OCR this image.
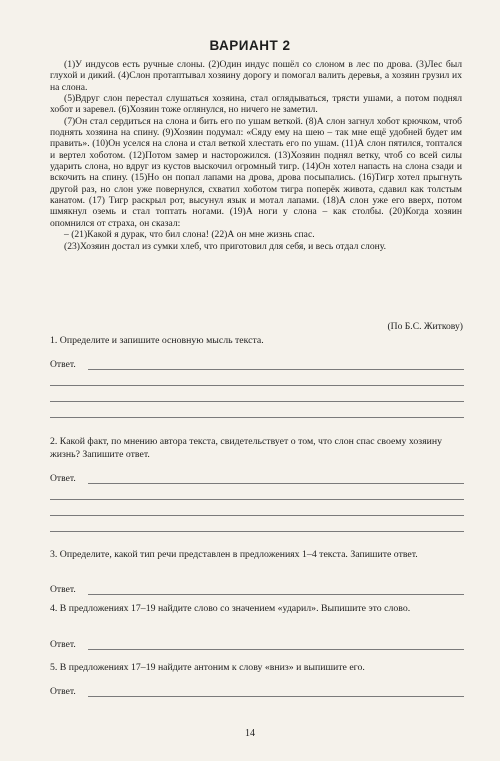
ВАРИАНТ 2

(1)У индусов есть ручные слоны. (2)Один индус пошёл со слоном в лес по дрова. (3)Лес был глухой и дикий. (4)Слон протаптывал хозяину дорогу и помогал валить деревья, а хозяин грузил их на слона.

(5)Вдруг слон перестал слушаться хозяина, стал оглядываться, трясти ушами, а потом поднял хобот и заревел. (6)Хозяин тоже оглянулся, но ничего не заметил.

(7)Он стал сердиться на слона и бить его по ушам веткой. (8)А слон загнул хобот крючком, чтоб поднять хозяина на спину. (9)Хозяин подумал: «Сяду ему на шею – так мне ещё удобней будет им править». (10)Он уселся на слона и стал веткой хлестать его по ушам. (11)А слон пятился, топтался и вертел хоботом. (12)Потом замер и насторожился. (13)Хозяин поднял ветку, чтоб со всей силы ударить слона, но вдруг из кустов выскочил огромный тигр. (14)Он хотел напасть на слона сзади и вскочить на спину. (15)Но он попал лапами на дрова, дрова посыпались. (16)Тигр хотел прыгнуть другой раз, но слон уже повернулся, схватил хоботом тигра поперёк живота, сдавил как толстым канатом. (17) Тигр раскрыл рот, высунул язык и мотал лапами. (18)А слон уже его вверх, потом шмякнул оземь и стал топтать ногами. (19)А ноги у слона – как столбы. (20)Когда хозяин опомнился от страха, он сказал:

– (21)Какой я дурак, что бил слона! (22)А он мне жизнь спас.

(23)Хозяин достал из сумки хлеб, что приготовил для себя, и весь отдал слону.

(По Б.С. Житкову)
1. Определите и запишите основную мысль текста.
Ответ.
2. Какой факт, по мнению автора текста, свидетельствует о том, что слон спас своему хозяину жизнь? Запишите ответ.
Ответ.
3. Определите, какой тип речи представлен в предложениях 1–4 текста. Запишите ответ.
Ответ.
4. В предложениях 17–19 найдите слово со значением «ударил». Выпишите это слово.
Ответ.
5. В предложениях 17–19 найдите антоним к слову «вниз» и выпишите его.
Ответ.
14
